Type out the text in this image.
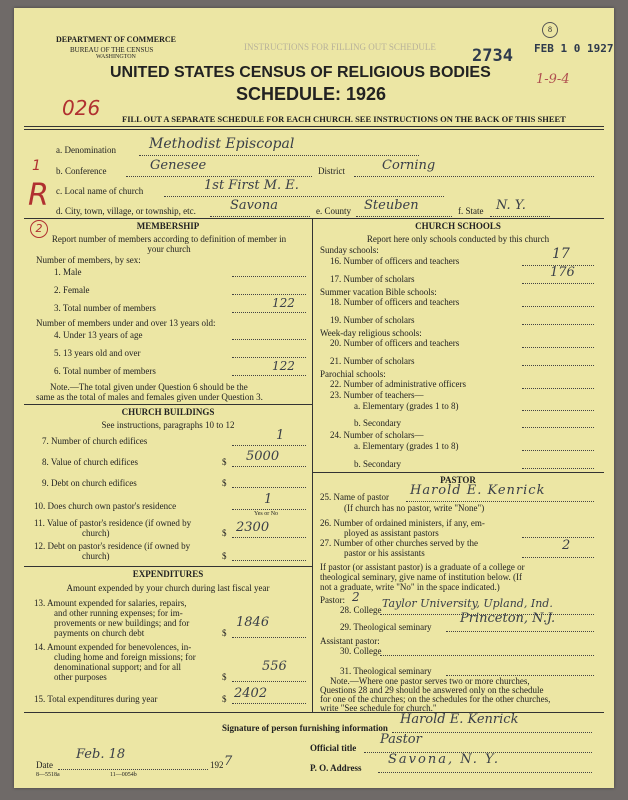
DEPARTMENT OF COMMERCE
BUREAU OF THE CENSUS
WASHINGTON
INSTRUCTIONS FOR FILLING OUT SCHEDULE 2734 FEB 1 0 1927
8
1-9-4
UNITED STATES CENSUS OF RELIGIOUS BODIES
SCHEDULE: 1926
026	FILL OUT A SEPARATE SCHEDULE FOR EACH CHURCH. SEE INSTRUCTIONS ON THE BACK OF THIS SHEET
1
R
2
a. Denomination Methodist Episcopal
b. Conference	Genesee	District	Corning
c. Local name of church	1st First M. E.
d. City, town, village, or township, etc.	Savona	e. County Steuben	f. State N. Y.
MEMBERSHIP
Report number of members according to definition of member in your church
Number of members, by sex:
1. Male
2. Female
3. Total number of members	122
Number of members under and over 13 years old:
4. Under 13 years of age
5. 13 years old and over
6. Total number of members	122
Note.—The total given under Question 6 should be the
same as the total of males and females given under Question 3.
CHURCH BUILDINGS
See instructions, paragraphs 10 to 12
7. Number of church edifices	1
8. Value of church edifices	$ 5000
9. Debt on church edifices	$
10. Does church own pastor's residence	1
Yes or No
11. Value of pastor's residence (if owned by
church)	$ 2300
12. Debt on pastor's residence (if owned by
church)	$
EXPENDITURES
Amount expended by your church during last fiscal year
13. Amount expended for salaries, repairs,
and other running expenses; for im-
provements or new buildings; and for
payments on church debt	$
1846
14. Amount expended for benevolences, in-
cluding home and foreign missions; for
denominational support; and for all
other purposes	$
556
15. Total expenditures during year	$ 2402
CHURCH SCHOOLS
Report here only schools conducted by this church
Sunday schools:
16. Number of officers and teachers	17
17. Number of scholars	176
Summer vacation Bible schools:
18. Number of officers and teachers
19. Number of scholars
Week-day religious schools:
20. Number of officers and teachers
21. Number of scholars
Parochial schools:
22. Number of administrative officers
23. Number of teachers—
a. Elementary (grades 1 to 8)
b. Secondary
24. Number of scholars—
a. Elementary (grades 1 to 8)
b. Secondary
PASTOR
25. Name of pastor Harold E. Kenrick
(If church has no pastor, write "None")
26. Number of ordained ministers, if any, em-
ployed as assistant pastors
27. Number of other churches served by the
pastor or his assistants	2
If pastor (or assistant pastor) is a graduate of a college or
theological seminary, give name of institution below. (If
not a graduate, write "No" in the space indicated.)
Pastor: 2
28. College Taylor University, Upland, Ind.
29. Theological seminary
Princeton, N.J.
Assistant pastor:
30. College
31. Theological seminary
Note.—Where one pastor serves two or more churches,
Questions 28 and 29 should be answered only on the schedule
for one of the churches; on the schedules for the other churches,
write "See schedule for church."
Signature of person furnishing information
Harold E. Kenrick
Official title
Pastor
Date
Feb. 18
192 7	P. O. Address
Savona, N. Y.
8—5518a	11—0054b
